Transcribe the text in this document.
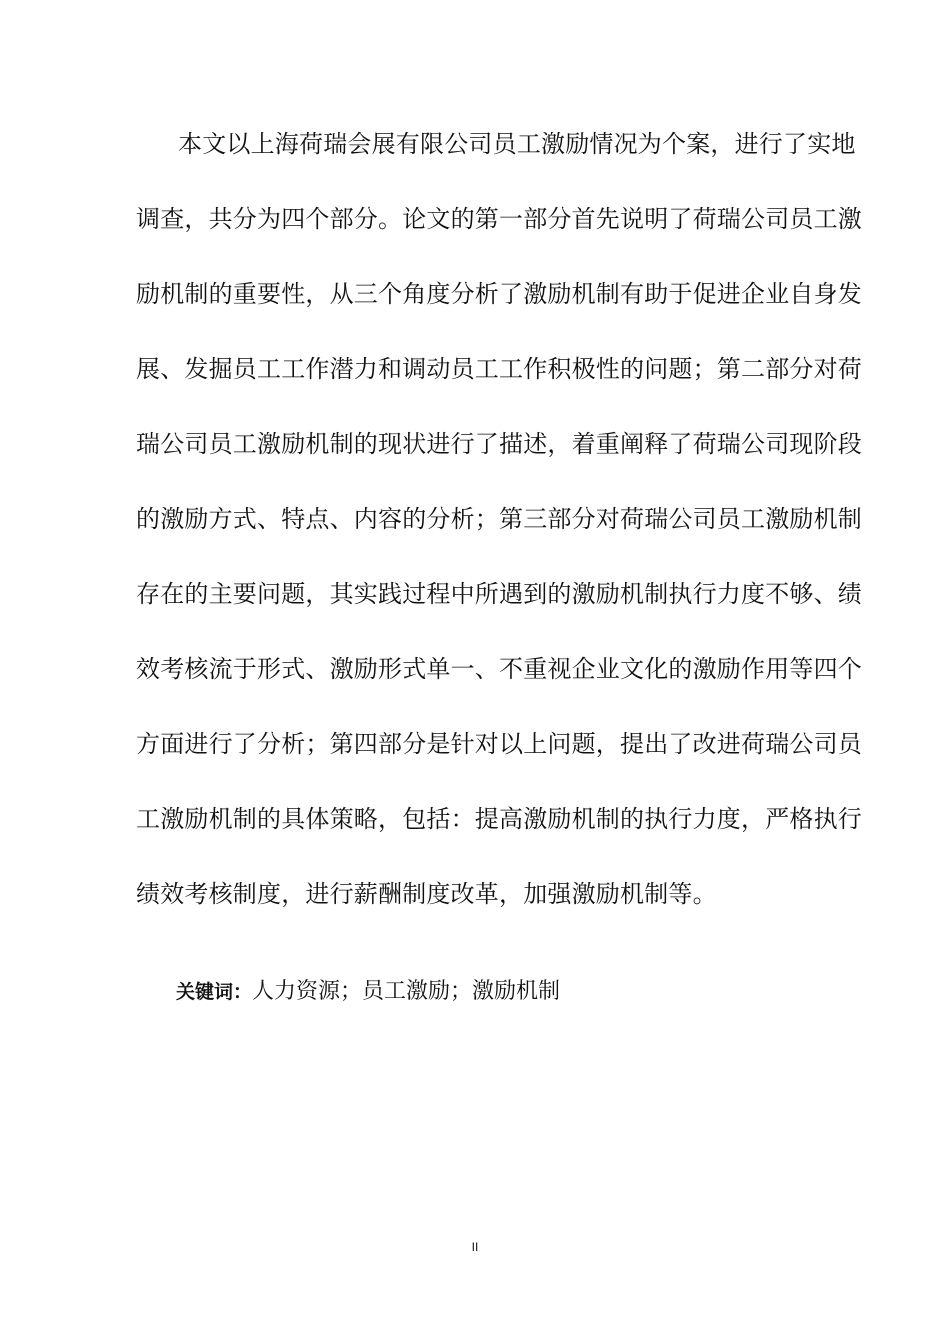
本文以上海荷瑞会展有限公司员工激励情况为个案，进行了实地
调查，共分为四个部分。论文的第一部分首先说明了荷瑞公司员工激
励机制的重要性，从三个角度分析了激励机制有助于促进企业自身发
展、发掘员工工作潜力和调动员工工作积极性的问题；第二部分对荷
瑞公司员工激励机制的现状进行了描述，着重阐释了荷瑞公司现阶段
的激励方式、特点、内容的分析；第三部分对荷瑞公司员工激励机制
存在的主要问题，其实践过程中所遇到的激励机制执行力度不够、绩
效考核流于形式、激励形式单一、不重视企业文化的激励作用等四个
方面进行了分析；第四部分是针对以上问题，提出了改进荷瑞公司员
工激励机制的具体策略，包括：提高激励机制的执行力度，严格执行
绩效考核制度，进行薪酬制度改革，加强激励机制等。
关键词：人力资源；员工激励；激励机制
II
